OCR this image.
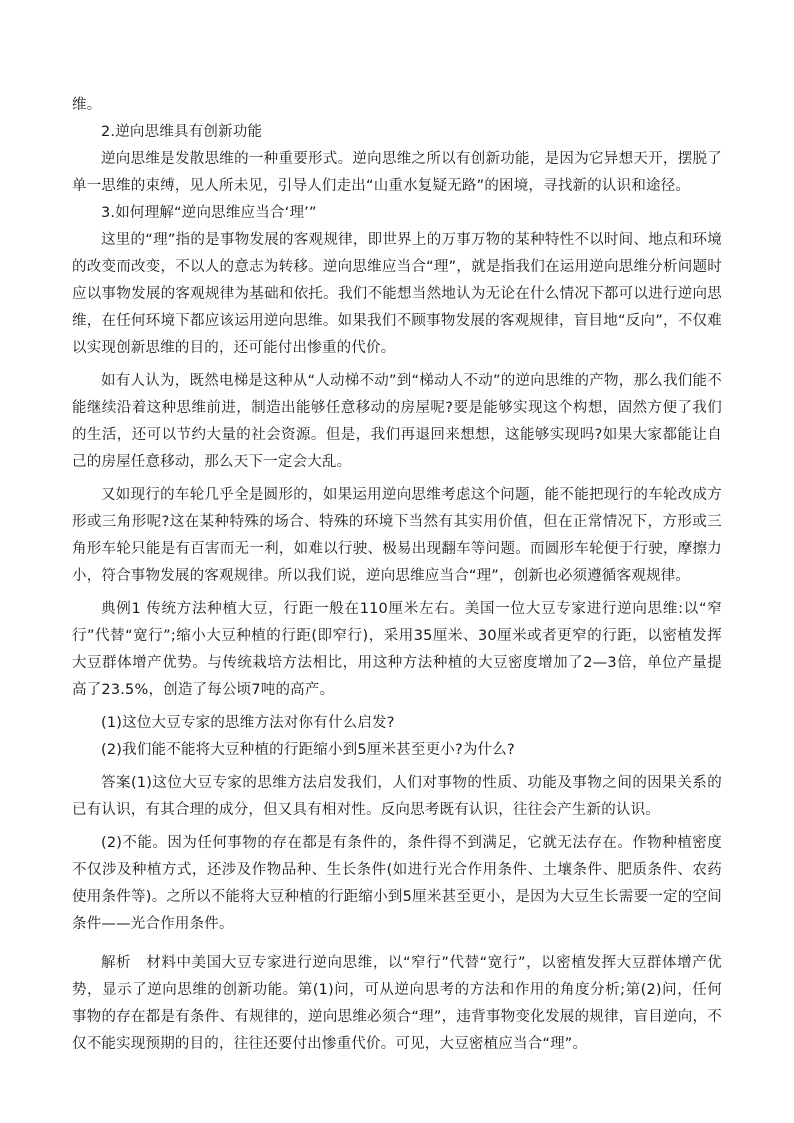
维。

2.逆向思维具有创新功能

逆向思维是发散思维的一种重要形式。逆向思维之所以有创新功能，是因为它异想天开，摆脱了单一思维的束缚，见人所未见，引导人们走出“山重水复疑无路”的困境，寻找新的认识和途径。

3.如何理解“逆向思维应当合‘理’”

这里的“理”指的是事物发展的客观规律，即世界上的万事万物的某种特性不以时间、地点和环境的改变而改变，不以人的意志为转移。逆向思维应当合“理”，就是指我们在运用逆向思维分析问题时应以事物发展的客观规律为基础和依托。我们不能想当然地认为无论在什么情况下都可以进行逆向思维，在任何环境下都应该运用逆向思维。如果我们不顾事物发展的客观规律，盲目地“反向”，不仅难以实现创新思维的目的，还可能付出惨重的代价。

如有人认为，既然电梯是这种从“人动梯不动”到“梯动人不动”的逆向思维的产物，那么我们能不能继续沿着这种思维前进，制造出能够任意移动的房屋呢?要是能够实现这个构想，固然方便了我们的生活，还可以节约大量的社会资源。但是，我们再退回来想想，这能够实现吗?如果大家都能让自己的房屋任意移动，那么天下一定会大乱。

又如现行的车轮几乎全是圆形的，如果运用逆向思维考虑这个问题，能不能把现行的车轮改成方形或三角形呢?这在某种特殊的场合、特殊的环境下当然有其实用价值，但在正常情况下，方形或三角形车轮只能是有百害而无一利，如难以行驶、极易出现翻车等问题。而圆形车轮便于行驶，摩擦力小，符合事物发展的客观规律。所以我们说，逆向思维应当合“理”，创新也必须遵循客观规律。

典例1 传统方法种植大豆，行距一般在110厘米左右。美国一位大豆专家进行逆向思维:以“窄行”代替“宽行”;缩小大豆种植的行距(即窄行)，采用35厘米、30厘米或者更窄的行距，以密植发挥大豆群体增产优势。与传统栽培方法相比，用这种方法种植的大豆密度增加了2—3倍，单位产量提高了23.5%，创造了每公顷7吨的高产。

(1)这位大豆专家的思维方法对你有什么启发?

(2)我们能不能将大豆种植的行距缩小到5厘米甚至更小?为什么?

答案(1)这位大豆专家的思维方法启发我们，人们对事物的性质、功能及事物之间的因果关系的已有认识，有其合理的成分，但又具有相对性。反向思考既有认识，往往会产生新的认识。

(2)不能。因为任何事物的存在都是有条件的，条件得不到满足，它就无法存在。作物种植密度不仅涉及种植方式，还涉及作物品种、生长条件(如进行光合作用条件、土壤条件、肥质条件、农药使用条件等)。之所以不能将大豆种植的行距缩小到5厘米甚至更小，是因为大豆生长需要一定的空间条件——光合作用条件。

解析　材料中美国大豆专家进行逆向思维，以“窄行”代替“宽行”，以密植发挥大豆群体增产优势，显示了逆向思维的创新功能。第(1)问，可从逆向思考的方法和作用的角度分析;第(2)问，任何事物的存在都是有条件、有规律的，逆向思维必须合“理”，违背事物变化发展的规律，盲目逆向，不仅不能实现预期的目的，往往还要付出惨重代价。可见，大豆密植应当合“理”。
